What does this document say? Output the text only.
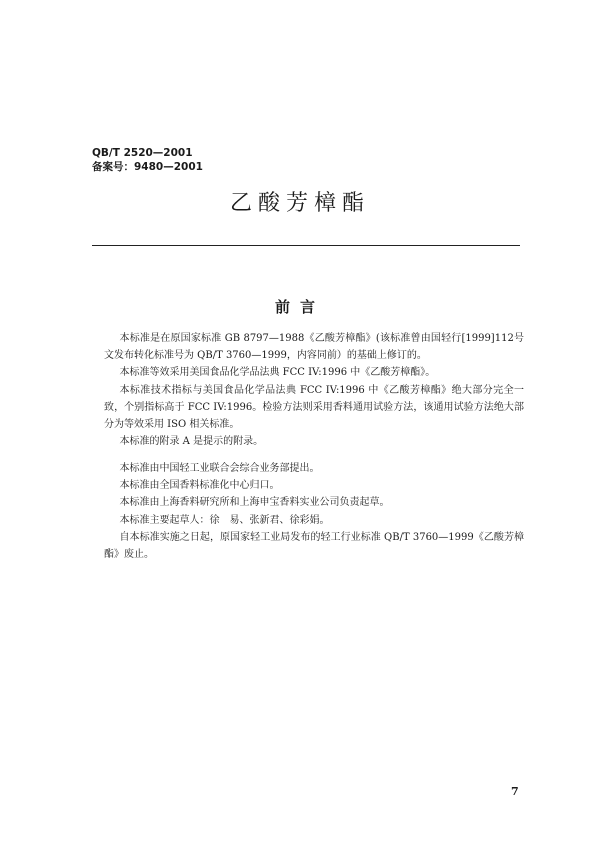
QB/T 2520—2001
备案号：9480—2001
乙酸芳樟酯
前言

本标准是在原国家标准 GB 8797—1988《乙酸芳樟酯》(该标准曾由国轻行[1999]112号文发布转化标准号为 QB/T 3760—1999，内容同前）的基础上修订的。

本标准等效采用美国食品化学品法典 FCC IV:1996 中《乙酸芳樟酯》。

本标准技术指标与美国食品化学品法典 FCC IV:1996 中《乙酸芳樟酯》绝大部分完全一致，个别指标高于 FCC IV:1996。检验方法则采用香料通用试验方法，该通用试验方法绝大部分为等效采用 ISO 相关标准。

本标准的附录 A 是提示的附录。

本标准由中国轻工业联合会综合业务部提出。

本标准由全国香料标准化中心归口。

本标准由上海香料研究所和上海申宝香料实业公司负责起草。

本标准主要起草人：徐　易、张新君、徐彩娟。

自本标准实施之日起，原国家轻工业局发布的轻工行业标准 QB/T 3760—1999《乙酸芳樟酯》废止。

7
